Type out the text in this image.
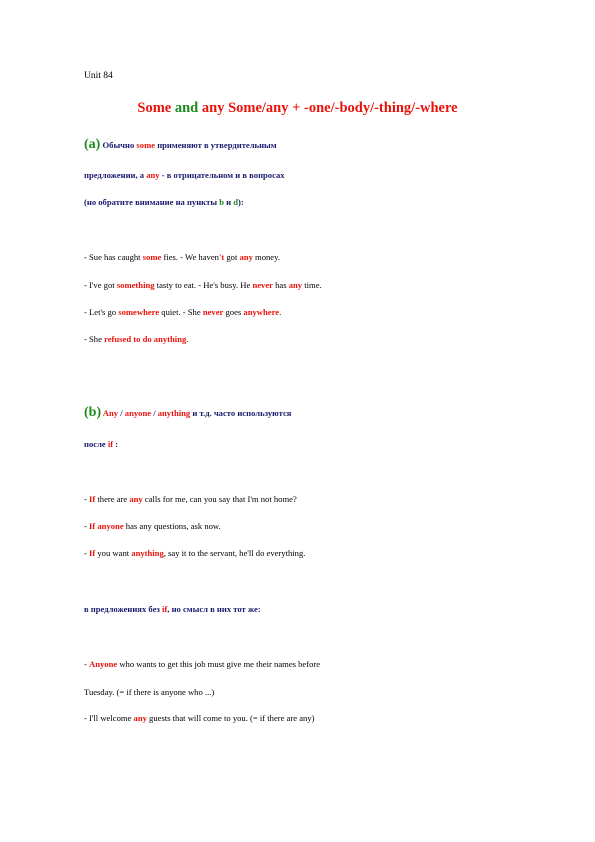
Unit 84
Some and any Some/any + -one/-body/-thing/-where
(a) Обычно some применяют в утвердительным
предложении, а any - в отрицательном и в вопросах
(но обратите внимание на пункты b и d):
- Sue has caught some fies. - We haven't got any money.
- I've got something tasty to eat. - He's busy. He never has any time.
- Let's go somewhere quiet. - She never goes anywhere.
- She refused to do anything.
(b) Any / anyone / anything и т.д. часто используются
после if :
- If there are any calls for me, can you say that I'm not home?
- If anyone has any questions, ask now.
- If you want anything, say it to the servant, he'll do everything.
в предложениях без if, но смысл в них тот же:
- Anyone who wants to get this job must give me their names before
Tuesday. (= if there is anyone who ...)
- I'll welcome any guests that will come to you. (= if there are any)
